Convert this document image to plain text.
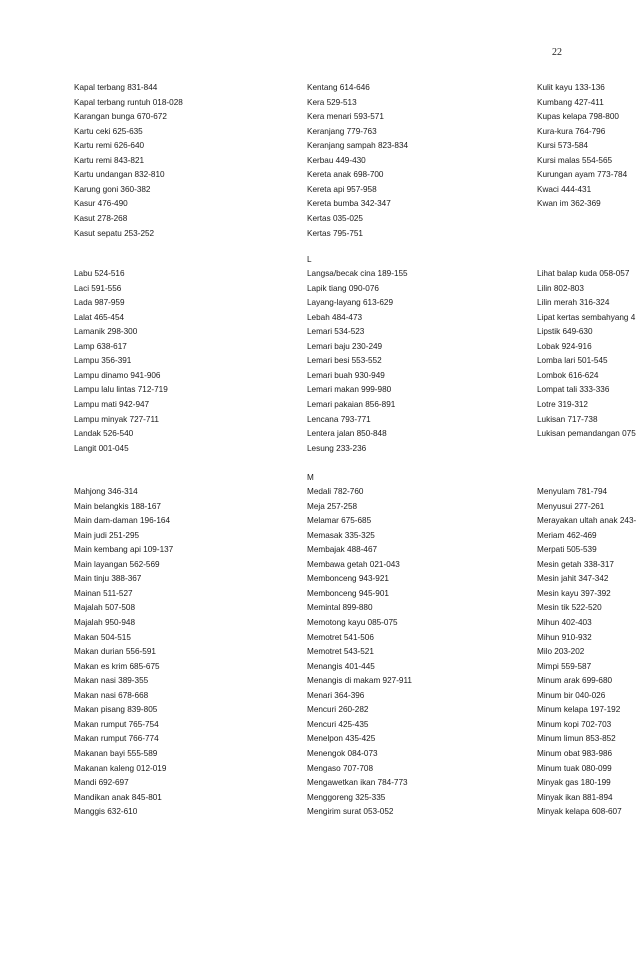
22
Kapal terbang 831-844
Kapal terbang runtuh 018-028
Karangan bunga 670-672
Kartu ceki 625-635
Kartu remi 626-640
Kartu remi 843-821
Kartu undangan 832-810
Karung goni 360-382
Kasur 476-490
Kasut 278-268
Kasut sepatu 253-252
Labu 524-516
Laci 591-556
Lada 987-959
Lalat 465-454
Lamanik 298-300
Lamp 638-617
Lampu 356-391
Lampu dinamo 941-906
Lampu lalu lintas 712-719
Lampu mati 942-947
Lampu minyak 727-711
Landak 526-540
Langit 001-045
Mahjong 346-314
Main belangkis 188-167
Main dam-daman 196-164
Main judi 251-295
Main kembang api 109-137
Main layangan 562-569
Main tinju 388-367
Mainan 511-527
Majalah 507-508
Majalah 950-948
Makan 504-515
Makan durian 556-591
Makan es krim 685-675
Makan nasi 389-355
Makan nasi 678-668
Makan pisang 839-805
Makan rumput 765-754
Makan rumput 766-774
Makanan bayi 555-589
Makanan kaleng 012-019
Mandi 692-697
Mandikan anak 845-801
Manggis 632-610
Kentang 614-646
Kera 529-513
Kera menari 593-571
Keranjang 779-763
Keranjang sampah 823-834
Kerbau 449-430
Kereta anak 698-700
Kereta api 957-958
Kereta bumba 342-347
Kertas 035-025
Kertas 795-751
L
Langsa/becak cina 189-155
Lapik tiang 090-076
Layang-layang 613-629
Lebah 484-473
Lemari 534-523
Lemari baju 230-249
Lemari besi 553-552
Lemari buah 930-949
Lemari makan 999-980
Lemari pakaian 856-891
Lencana 793-771
Lentera jalan 850-848
Lesung 233-236
M
Medali 782-760
Meja 257-258
Melamar 675-685
Memasak 335-325
Membajak 488-467
Membawa getah 021-043
Membonceng 943-921
Membonceng 945-901
Memintal 899-880
Memotong kayu 085-075
Memotret 541-506
Memotret 543-521
Menangis 401-445
Menangis di makam 927-911
Menari 364-396
Mencuri 260-282
Mencuri 425-435
Menelpon 435-425
Menengok 084-073
Mengaso 707-708
Mengawetkan ikan 784-773
Menggoreng 325-335
Mengirim surat 053-052
Kulit kayu 133-136
Kumbang 427-411
Kupas kelapa 798-800
Kura-kura 764-796
Kursi 573-584
Kursi malas 554-565
Kurungan ayam 773-784
Kwaci 444-431
Kwan im 362-369
Lihat balap kuda 058-057
Lilin 802-803
Lilin merah 316-324
Lipat kertas sembahyang 4
Lipstik 649-630
Lobak 924-916
Lomba lari 501-545
Lombok 616-624
Lompat tali 333-336
Lotre 319-312
Lukisan 717-738
Lukisan pemandangan 075
Menyulam 781-794
Menyusui 277-261
Merayakan ultah anak 243-
Meriam 462-469
Merpati 505-539
Mesin getah 338-317
Mesin jahit 347-342
Mesin kayu 397-392
Mesin tik 522-520
Mihun 402-403
Mihun 910-932
Milo 203-202
Mimpi 559-587
Minum arak 699-680
Minum bir 040-026
Minum kelapa 197-192
Minum kopi 702-703
Minum limun 853-852
Minum obat 983-986
Minum tuak 080-099
Minyak gas 180-199
Minyak ikan 881-894
Minyak kelapa 608-607
